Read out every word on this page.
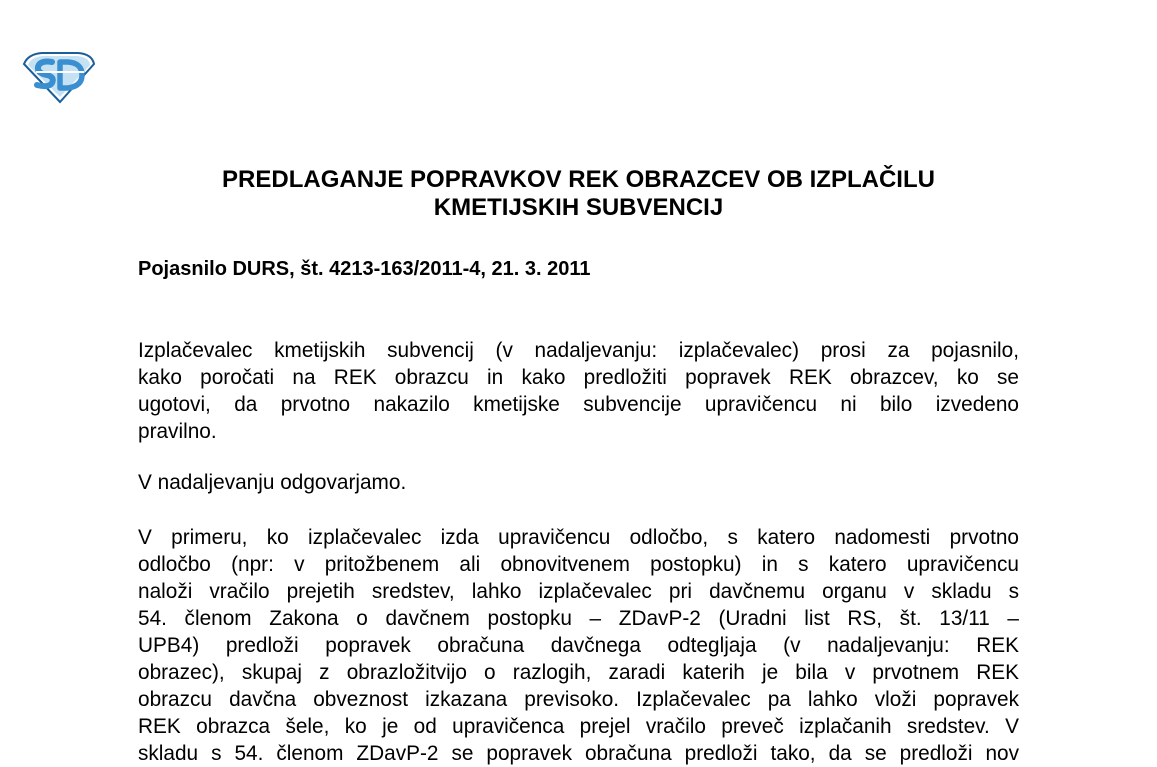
PREDLAGANJE POPRAVKOV REK OBRAZCEV OB IZPLAČILU
KMETIJSKIH SUBVENCIJ

Pojasnilo DURS, št. 4213-163/2011-4, 21. 3. 2011

Izplačevalec kmetijskih subvencij (v nadaljevanju: izplačevalec) prosi za pojasnilo,
kako poročati na REK obrazcu in kako predložiti popravek REK obrazcev, ko se
ugotovi, da prvotno nakazilo kmetijske subvencije upravičencu ni bilo izvedeno
pravilno.

V nadaljevanju odgovarjamo.

V primeru, ko izplačevalec izda upravičencu odločbo, s katero nadomesti prvotno
odločbo (npr: v pritožbenem ali obnovitvenem postopku) in s katero upravičencu
naloži vračilo prejetih sredstev, lahko izplačevalec pri davčnemu organu v skladu s
54. členom Zakona o davčnem postopku – ZDavP-2 (Uradni list RS, št. 13/11 –
UPB4) predloži popravek obračuna davčnega odtegljaja (v nadaljevanju: REK
obrazec), skupaj z obrazložitvijo o razlogih, zaradi katerih je bila v prvotnem REK
obrazcu davčna obveznost izkazana previsoko. Izplačevalec pa lahko vloži popravek
REK obrazca šele, ko je od upravičenca prejel vračilo preveč izplačanih sredstev. V
skladu s 54. členom ZDavP-2 se popravek obračuna predloži tako, da se predloži nov
